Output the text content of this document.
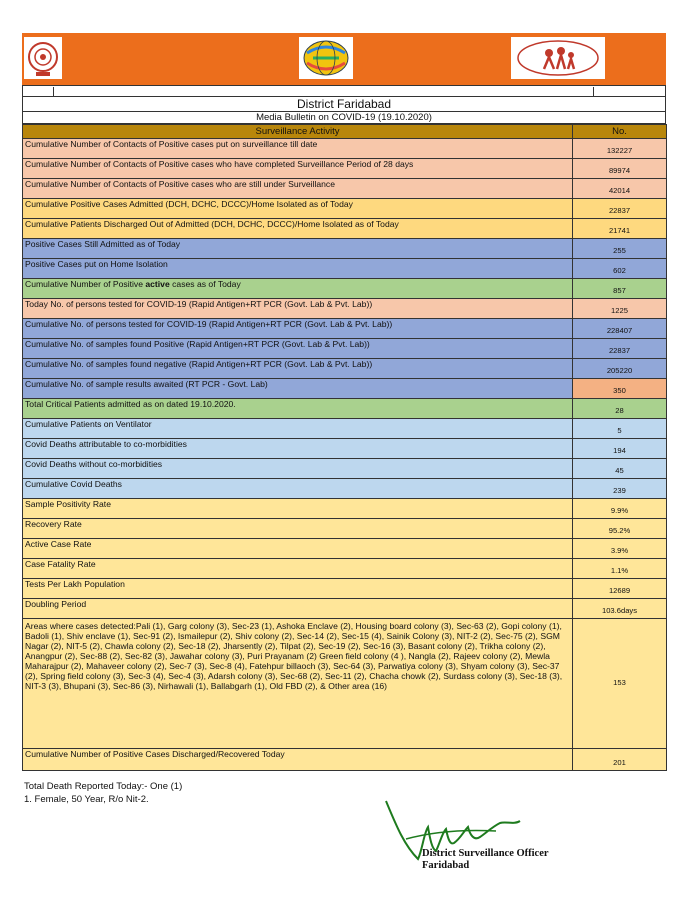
District Faridabad
Media Bulletin on COVID-19 (19.10.2020)
Surveillance Activity	No.
Cumulative Number of Contacts of Positive cases put on surveillance till date	132227
Cumulative Number of Contacts of Positive cases who have completed Surveillance Period of 28 days	89974
Cumulative Number of Contacts of Positive cases who are still under Surveillance	42014
Cumulative Positive Cases Admitted (DCH, DCHC, DCCC)/Home Isolated as of Today	22837
Cumulative Patients Discharged Out of Admitted (DCH, DCHC, DCCC)/Home Isolated as of Today	21741
Positive Cases Still Admitted as of Today	255
Positive Cases put on Home Isolation	602
Cumulative Number of Positive active cases as of Today	857
Today No. of persons tested for COVID-19 (Rapid Antigen+RT PCR (Govt. Lab & Pvt. Lab))	1225
Cumulative No. of persons tested for COVID-19 (Rapid Antigen+RT PCR (Govt. Lab & Pvt. Lab))	228407
Cumulative No. of samples found Positive (Rapid Antigen+RT PCR (Govt. Lab & Pvt. Lab))	22837
Cumulative No. of samples found negative (Rapid Antigen+RT PCR (Govt. Lab & Pvt. Lab))	205220
Cumulative No. of sample results awaited (RT PCR - Govt. Lab)	350
Total Critical Patients admitted as on dated 19.10.2020.	28
Cumulative Patients on Ventilator	5
Covid Deaths attributable to co-morbidities	194
Covid Deaths without co-morbidities	45
Cumulative Covid Deaths	239
Sample Positivity Rate	9.9%
Recovery Rate	95.2%
Active Case Rate	3.9%
Case Fatality Rate	1.1%
Tests Per Lakh Population	12689
Doubling Period	103.6days
Areas where cases detected:Pali (1), Garg colony (3), Sec-23 (1), Ashoka Enclave (2), Housing board colony (3), Sec-63 (2), Gopi colony (1), Badoli (1), Shiv enclave (1), Sec-91 (2), Ismailepur (2), Shiv colony (2), Sec-14 (2), Sec-15 (4), Sainik Colony (3), NIT-2 (2), Sec-75 (2), SGM Nagar (2), NIT-5 (2), Chawla colony (2), Sec-18 (2), Jharsently (2), Tilpat (2), Sec-19 (2), Sec-16 (3), Basant colony (2), Trikha colony (2), Anangpur (2), Sec-88 (2), Sec-82 (3), Jawahar colony (3), Puri Prayanam (2) Green field colony (4 ), Nangla (2), Rajeev colony (2), Mewla Maharajpur (2), Mahaveer colony (2), Sec-7 (3), Sec-8 (4), Fatehpur billaoch (3), Sec-64 (3), Parwatiya colony (3), Shyam colony (3), Sec-37 (2), Spring field colony (3), Sec-3 (4), Sec-4 (3), Adarsh colony (3), Sec-68 (2), Sec-11 (2), Chacha chowk (2), Surdass colony (3), Sec-18 (3), NIT-3 (3), Bhupani (3), Sec-86 (3), Nirhawali (1), Ballabgarh (1), Old FBD (2), & Other area (16)	153
Cumulative Number of Positive Cases Discharged/Recovered Today	201
Total Death Reported Today:- One (1)
1. Female, 50 Year, R/o Nit-2.
District Surveillance Officer
Faridabad
